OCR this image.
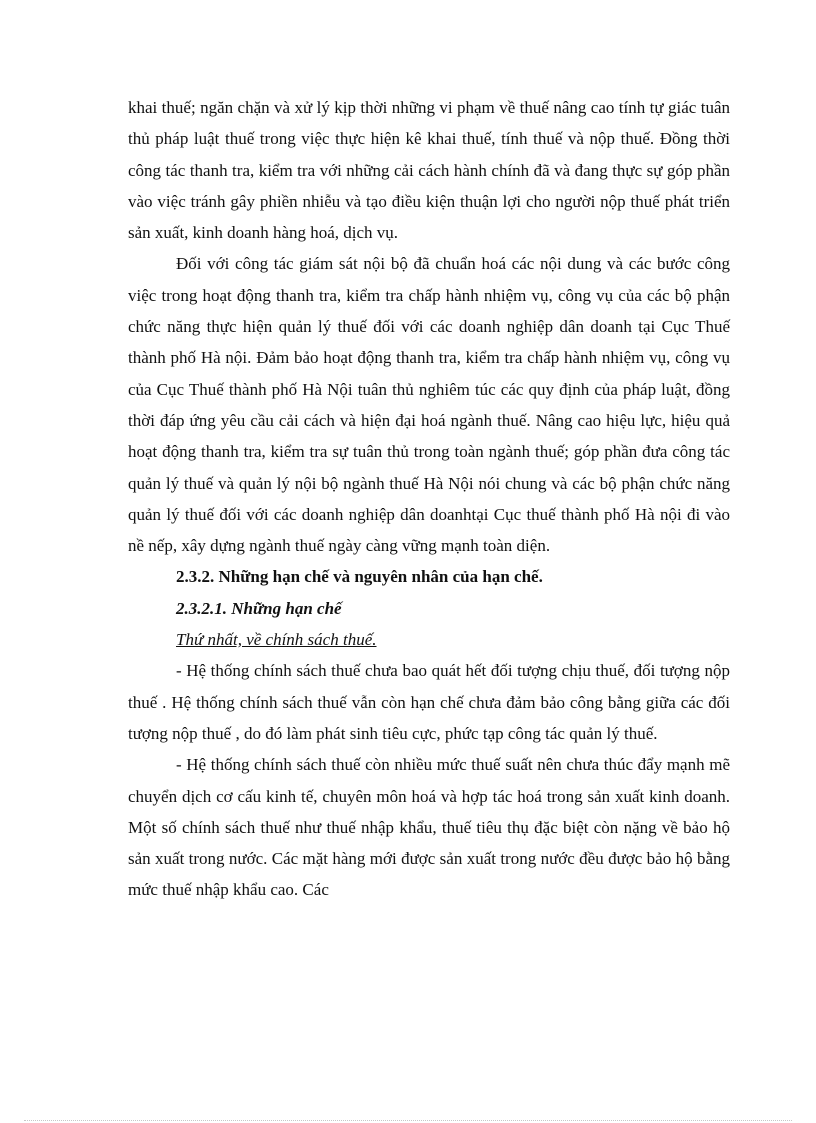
khai thuế; ngăn chặn và xử lý kịp thời những vi phạm về thuế nâng cao tính tự giác tuân thủ pháp luật thuế trong việc thực hiện kê khai thuế, tính thuế và nộp thuế. Đồng thời công tác thanh tra, kiểm tra với những cải cách hành chính đã và đang thực sự góp phần vào việc tránh gây phiền nhiễu và tạo điều kiện thuận lợi cho người nộp thuế phát triển sản xuất, kinh doanh hàng hoá, dịch vụ.

Đối với công tác giám sát nội bộ đã chuẩn hoá các nội dung và các bước công việc trong hoạt động thanh tra, kiểm tra chấp hành nhiệm vụ, công vụ của các bộ phận chức năng thực hiện quản lý thuế đối với các doanh nghiệp dân doanh tại Cục Thuế thành phố Hà nội. Đảm bảo hoạt động thanh tra, kiểm tra chấp hành nhiệm vụ, công vụ của Cục Thuế thành phố Hà Nội tuân thủ nghiêm túc các quy định của pháp luật, đồng thời đáp ứng yêu cầu cải cách và hiện đại hoá ngành thuế. Nâng cao hiệu lực, hiệu quả hoạt động thanh tra, kiểm tra sự tuân thủ trong toàn ngành thuế; góp phần đưa công tác quản lý thuế và quản lý nội bộ ngành thuế Hà Nội nói chung và các bộ phận chức năng quản lý thuế đối với các doanh nghiệp dân doanhtại Cục thuế thành phố Hà nội đi vào nề nếp, xây dựng ngành thuế ngày càng vững mạnh toàn diện.

2.3.2. Những hạn chế và nguyên nhân của hạn chế.

2.3.2.1. Những hạn chế

Thứ nhất, về chính sách thuế.

- Hệ thống chính sách thuế chưa bao quát hết đối tượng chịu thuế, đối tượng nộp thuế . Hệ thống chính sách thuế vẫn còn hạn chế chưa đảm bảo công bằng giữa các đối tượng nộp thuế , do đó làm phát sinh tiêu cực, phức tạp công tác quản lý thuế.

- Hệ thống chính sách thuế còn nhiều mức thuế suất nên chưa thúc đẩy mạnh mẽ chuyển dịch cơ cấu kinh tế, chuyên môn hoá và hợp tác hoá trong sản xuất kinh doanh. Một số chính sách thuế như thuế nhập khẩu, thuế tiêu thụ đặc biệt còn nặng về bảo hộ sản xuất trong nước. Các mặt hàng mới được sản xuất trong nước đều được bảo hộ bằng mức thuế nhập khẩu cao. Các
